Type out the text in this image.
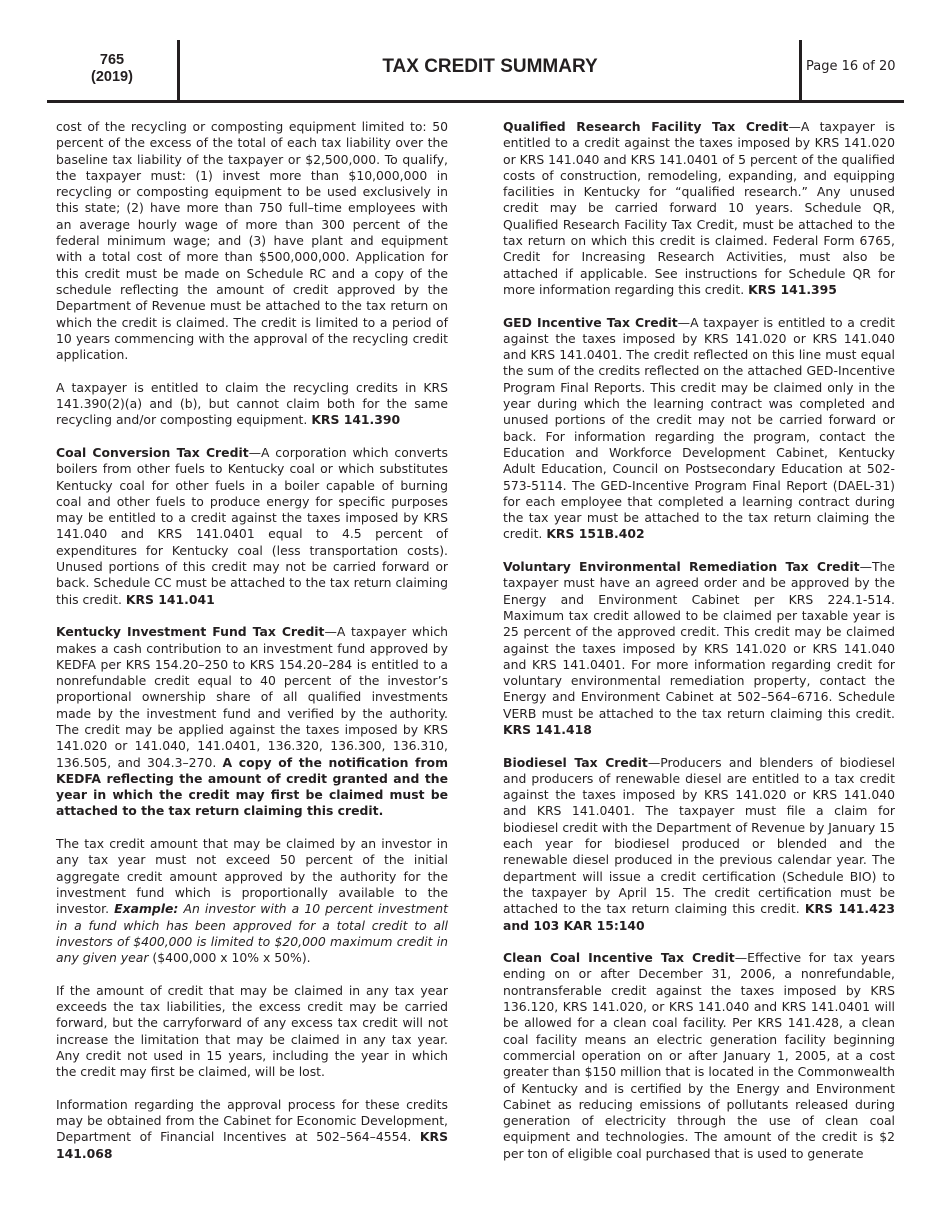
765
(2019)	TAX CREDIT SUMMARY	Page 16 of 20

cost of the recycling or composting equipment limited to: 50 percent of the excess of the total of each tax liability over the baseline tax liability of the taxpayer or $2,500,000. To qualify, the taxpayer must: (1) invest more than $10,000,000 in recycling or composting equipment to be used exclusively in this state; (2) have more than 750 full–time employees with an average hourly wage of more than 300 percent of the federal minimum wage; and (3) have plant and equipment with a total cost of more than $500,000,000. Application for this credit must be made on Schedule RC and a copy of the schedule reflecting the amount of credit approved by the Department of Revenue must be attached to the tax return on which the credit is claimed. The credit is limited to a period of 10 years commencing with the approval of the recycling credit application.

A taxpayer is entitled to claim the recycling credits in KRS 141.390(2)(a) and (b), but cannot claim both for the same recycling and/or composting equipment. KRS 141.390

Coal Conversion Tax Credit—A corporation which converts boilers from other fuels to Kentucky coal or which substitutes Kentucky coal for other fuels in a boiler capable of burning coal and other fuels to produce energy for specific purposes may be entitled to a credit against the taxes imposed by KRS 141.040 and KRS 141.0401 equal to 4.5 percent of expenditures for Kentucky coal (less transportation costs). Unused portions of this credit may not be carried forward or back. Schedule CC must be attached to the tax return claiming this credit. KRS 141.041

Kentucky Investment Fund Tax Credit—A taxpayer which makes a cash contribution to an investment fund approved by KEDFA per KRS 154.20–250 to KRS 154.20–284 is entitled to a nonrefundable credit equal to 40 percent of the investor’s proportional ownership share of all qualified investments made by the investment fund and verified by the authority. The credit may be applied against the taxes imposed by KRS 141.020 or 141.040, 141.0401, 136.320, 136.300, 136.310, 136.505, and 304.3–270. A copy of the notification from KEDFA reflecting the amount of credit granted and the year in which the credit may first be claimed must be attached to the tax return claiming this credit.

The tax credit amount that may be claimed by an investor in any tax year must not exceed 50 percent of the initial aggregate credit amount approved by the authority for the investment fund which is proportionally available to the investor. Example: An investor with a 10 percent investment in a fund which has been approved for a total credit to all investors of $400,000 is limited to $20,000 maximum credit in any given year ($400,000 x 10% x 50%).

If the amount of credit that may be claimed in any tax year exceeds the tax liabilities, the excess credit may be carried forward, but the carryforward of any excess tax credit will not increase the limitation that may be claimed in any tax year. Any credit not used in 15 years, including the year in which the credit may first be claimed, will be lost.

Information regarding the approval process for these credits may be obtained from the Cabinet for Economic Development, Department of Financial Incentives at 502–564–4554. KRS 141.068

Qualified Research Facility Tax Credit—A taxpayer is entitled to a credit against the taxes imposed by KRS 141.020 or KRS 141.040 and KRS 141.0401 of 5 percent of the qualified costs of construction, remodeling, expanding, and equipping facilities in Kentucky for “qualified research.” Any unused credit may be carried forward 10 years. Schedule QR, Qualified Research Facility Tax Credit, must be attached to the tax return on which this credit is claimed. Federal Form 6765, Credit for Increasing Research Activities, must also be attached if applicable. See instructions for Schedule QR for more information regarding this credit. KRS 141.395

GED Incentive Tax Credit—A taxpayer is entitled to a credit against the taxes imposed by KRS 141.020 or KRS 141.040 and KRS 141.0401. The credit reflected on this line must equal the sum of the credits reflected on the attached GED-Incentive Program Final Reports. This credit may be claimed only in the year during which the learning contract was completed and unused portions of the credit may not be carried forward or back. For information regarding the program, contact the Education and Workforce Development Cabinet, Kentucky Adult Education, Council on Postsecondary Education at 502-573-5114. The GED-Incentive Program Final Report (DAEL-31) for each employee that completed a learning contract during the tax year must be attached to the tax return claiming the credit. KRS 151B.402

Voluntary Environmental Remediation Tax Credit—The taxpayer must have an agreed order and be approved by the Energy and Environment Cabinet per KRS 224.1-514. Maximum tax credit allowed to be claimed per taxable year is 25 percent of the approved credit. This credit may be claimed against the taxes imposed by KRS 141.020 or KRS 141.040 and KRS 141.0401. For more information regarding credit for voluntary environmental remediation property, contact the Energy and Environment Cabinet at 502–564–6716. Schedule VERB must be attached to the tax return claiming this credit. KRS 141.418

Biodiesel Tax Credit—Producers and blenders of biodiesel and producers of renewable diesel are entitled to a tax credit against the taxes imposed by KRS 141.020 or KRS 141.040 and KRS 141.0401. The taxpayer must file a claim for biodiesel credit with the Department of Revenue by January 15 each year for biodiesel produced or blended and the renewable diesel produced in the previous calendar year. The department will issue a credit certification (Schedule BIO) to the taxpayer by April 15. The credit certification must be attached to the tax return claiming this credit. KRS 141.423 and 103 KAR 15:140

Clean Coal Incentive Tax Credit—Effective for tax years ending on or after December 31, 2006, a nonrefundable, nontransferable credit against the taxes imposed by KRS 136.120, KRS 141.020, or KRS 141.040 and KRS 141.0401 will be allowed for a clean coal facility. Per KRS 141.428, a clean coal facility means an electric generation facility beginning commercial operation on or after January 1, 2005, at a cost greater than $150 million that is located in the Commonwealth of Kentucky and is certified by the Energy and Environment Cabinet as reducing emissions of pollutants released during generation of electricity through the use of clean coal equipment and technologies. The amount of the credit is $2 per ton of eligible coal purchased that is used to generate
